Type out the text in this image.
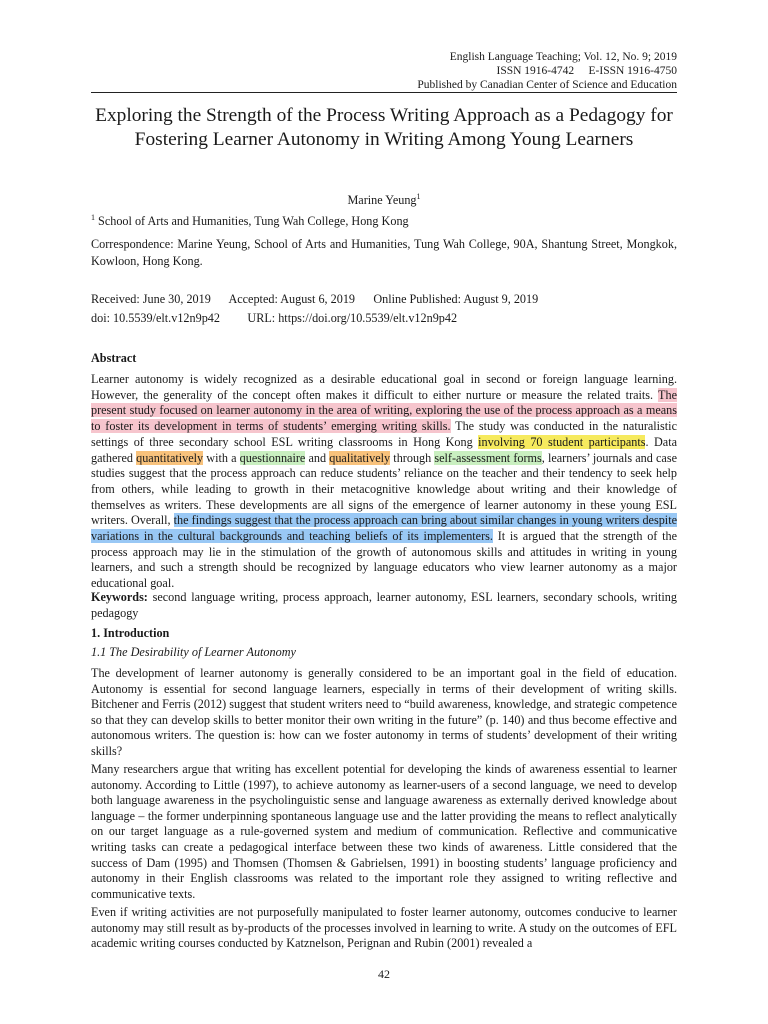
English Language Teaching; Vol. 12, No. 9; 2019
ISSN 1916-4742     E-ISSN 1916-4750
Published by Canadian Center of Science and Education
Exploring the Strength of the Process Writing Approach as a Pedagogy for Fostering Learner Autonomy in Writing Among Young Learners
Marine Yeung$^1$
$^1$ School of Arts and Humanities, Tung Wah College, Hong Kong
Correspondence: Marine Yeung, School of Arts and Humanities, Tung Wah College, 90A, Shantung Street, Mongkok, Kowloon, Hong Kong.
Received: June 30, 2019 Accepted: August 6, 2019 Online Published: August 9, 2019
doi: 10.5539/elt.v12n9p42 URL: https://doi.org/10.5539/elt.v12n9p42
Abstract
Learner autonomy is widely recognized as a desirable educational goal in second or foreign language learning. However, the generality of the concept often makes it difficult to either nurture or measure the related traits. The present study focused on learner autonomy in the area of writing, exploring the use of the process approach as a means to foster its development in terms of students’ emerging writing skills. The study was conducted in the naturalistic settings of three secondary school ESL writing classrooms in Hong Kong involving 70 student participants. Data gathered quantitatively with a questionnaire and qualitatively through self-assessment forms, learners’ journals and case studies suggest that the process approach can reduce students’ reliance on the teacher and their tendency to seek help from others, while leading to growth in their metacognitive knowledge about writing and their knowledge of themselves as writers. These developments are all signs of the emergence of learner autonomy in these young ESL writers. Overall, the findings suggest that the process approach can bring about similar changes in young writers despite variations in the cultural backgrounds and teaching beliefs of its implementers. It is argued that the strength of the process approach may lie in the stimulation of the growth of autonomous skills and attitudes in writing in young learners, and such a strength should be recognized by language educators who view learner autonomy as a major educational goal.
Keywords: second language writing, process approach, learner autonomy, ESL learners, secondary schools, writing pedagogy
1. Introduction
1.1 The Desirability of Learner Autonomy
The development of learner autonomy is generally considered to be an important goal in the field of education. Autonomy is essential for second language learners, especially in terms of their development of writing skills. Bitchener and Ferris (2012) suggest that student writers need to “build awareness, knowledge, and strategic competence so that they can develop skills to better monitor their own writing in the future” (p. 140) and thus become effective and autonomous writers. The question is: how can we foster autonomy in terms of students’ development of their writing skills?
Many researchers argue that writing has excellent potential for developing the kinds of awareness essential to learner autonomy. According to Little (1997), to achieve autonomy as learner-users of a second language, we need to develop both language awareness in the psycholinguistic sense and language awareness as externally derived knowledge about language – the former underpinning spontaneous language use and the latter providing the means to reflect analytically on our target language as a rule-governed system and medium of communication. Reflective and communicative writing tasks can create a pedagogical interface between these two kinds of awareness. Little considered that the success of Dam (1995) and Thomsen (Thomsen & Gabrielsen, 1991) in boosting students’ language proficiency and autonomy in their English classrooms was related to the important role they assigned to writing reflective and communicative texts.
Even if writing activities are not purposefully manipulated to foster learner autonomy, outcomes conducive to learner autonomy may still result as by-products of the processes involved in learning to write. A study on the outcomes of EFL academic writing courses conducted by Katznelson, Perignan and Rubin (2001) revealed a
42
